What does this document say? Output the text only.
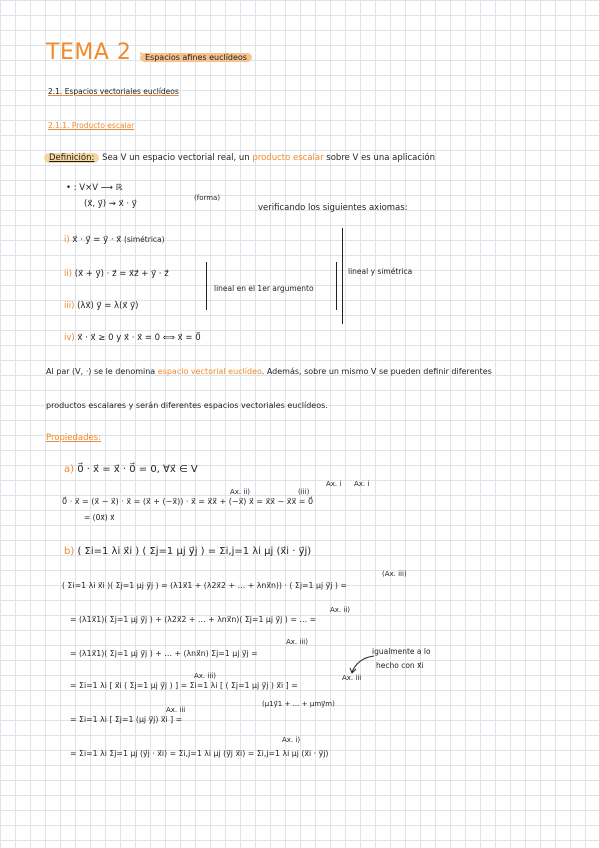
TEMA 2	Espacios afines euclídeos
2.1. Espacios vectoriales euclídeos
2.1.1. Producto escalar
Definición: Sea V un espacio vectorial real, un producto escalar sobre V es una aplicación
• : V×V ⟶ ℝ
(x⃗, y⃗) ⇝ x⃗ · y⃗
(forma)
verificando los siguientes axiomas:
i) x⃗ · y⃗ = y⃗ · x⃗ (simétrica)
ii) (x⃗ + y⃗) · z⃗ = x⃗z⃗ + y⃗ · z⃗
iii) (λx⃗) y⃗ = λ(x⃗ y⃗)
iv) x⃗ · x⃗ ≥ 0 y x⃗ · x⃗ = 0 ⟺ x⃗ = 0⃗
lineal en el 1er argumento
lineal y simétrica
Al par (V, ·) se le denomina espacio vectorial euclídeo. Además, sobre un mismo V se pueden definir diferentes
productos escalares y serán diferentes espacios vectoriales euclídeos.
Propiedades:
a) 0⃗ · x⃗ = x⃗ · 0⃗ = 0, ∀x⃗ ∈ V
Ax. ii)	(iii)
Ax. i Ax. i
0⃗ · x⃗ = (x⃗ − x⃗) · x⃗ = (x⃗ + (−x⃗)) · x⃗ = x⃗x⃗ + (−x⃗) x⃗ = x⃗x⃗ − x⃗x⃗ = 0⃗
= (0x⃗) x⃗
b) ( Σi=1 λi x⃗i ) ( Σj=1 μj y⃗j ) = Σi,j=1 λi μj (x⃗i · y⃗j)
(Ax. iii)
( Σi=1 λi x⃗i )( Σj=1 μj y⃗j ) = (λ1x⃗1 + (λ2x⃗2 + … + λnx⃗n)) · ( Σj=1 μj y⃗j ) =
Ax. ii)
= (λ1x⃗1)( Σj=1 μj y⃗j ) + (λ2x⃗2 + … + λnx⃗n)( Σj=1 μj y⃗j ) = … =
Ax. iii)
= (λ1x⃗1)( Σj=1 μj y⃗j ) + … + (λnx⃗n) Σj=1 μj y⃗j =	igualmente a lo
hecho con x⃗i
Ax. iii)	Ax. iii
= Σi=1 λi [ x⃗i ( Σj=1 μj y⃗j ) ] = Σi=1 λi [ ( Σj=1 μj y⃗j ) x⃗i ] =
(μ1y⃗1 + … + μmy⃗m)
Ax. iii
= Σi=1 λi [ Σj=1 (μj y⃗j) x⃗i ] =
Ax. i)
= Σi=1 λi Σj=1 μj (y⃗j · x⃗i) = Σi,j=1 λi μj (y⃗j x⃗i) = Σi,j=1 λi μj (x⃗i · y⃗j)
